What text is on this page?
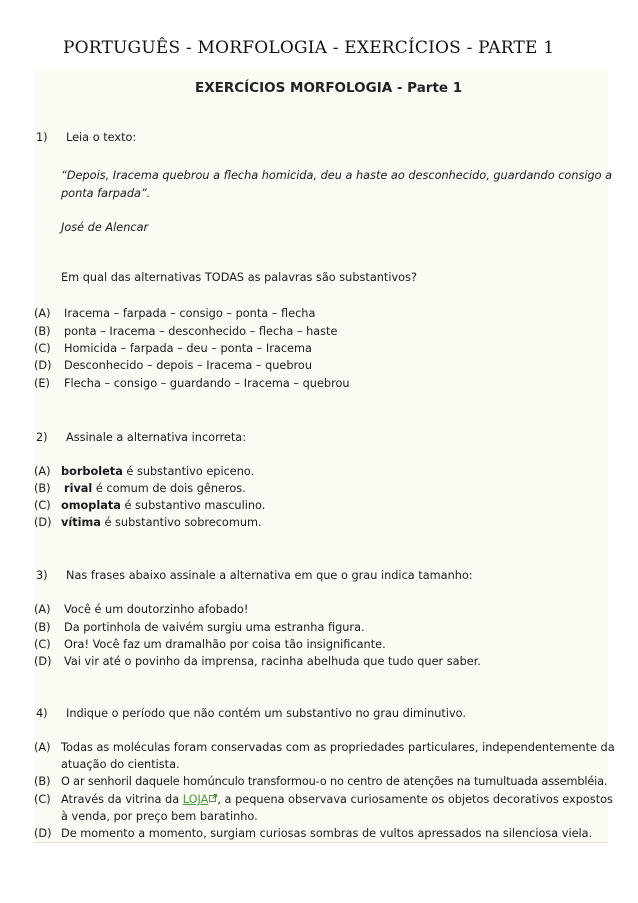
PORTUGUÊS - MORFOLOGIA - EXERCÍCIOS - PARTE 1
EXERCÍCIOS MORFOLOGIA - Parte 1
1) Leia o texto:
“Depois, Iracema quebrou a flecha homicida, deu a haste ao desconhecido, guardando consigo a
ponta farpada”.
José de Alencar
Em qual das alternativas TODAS as palavras são substantivos?
(A) Iracema – farpada – consigo – ponta – flecha
(B) ponta – Iracema – desconhecido – flecha – haste
(C) Homicida – farpada – deu – ponta – Iracema
(D) Desconhecido – depois – Iracema – quebrou
(E) Flecha – consigo – guardando – Iracema – quebrou
2) Assinale a alternativa incorreta:
(A) borboleta é substantivo epiceno.
(B) rival é comum de dois gêneros.
(C) omoplata é substantivo masculino.
(D) vítima é substantivo sobrecomum.
3) Nas frases abaixo assinale a alternativa em que o grau indica tamanho:
(A) Você é um doutorzinho afobado!
(B) Da portinhola de vaivém surgiu uma estranha figura.
(C) Ora! Você faz um dramalhão por coisa tão insignificante.
(D) Vai vir até o povinho da imprensa, racinha abelhuda que tudo quer saber.
4) Indique o período que não contém um substantivo no grau diminutivo.
(A) Todas as moléculas foram conservadas com as propriedades particulares, independentemente da
atuação do cientista.
(B) O ar senhoril daquele homúnculo transformou-o no centro de atenções na tumultuada assembléia.
(C) Através da vitrina da LOJA , a pequena observava curiosamente os objetos decorativos expostos
à venda, por preço bem baratinho.
(D) De momento a momento, surgiam curiosas sombras de vultos apressados na silenciosa viela.
